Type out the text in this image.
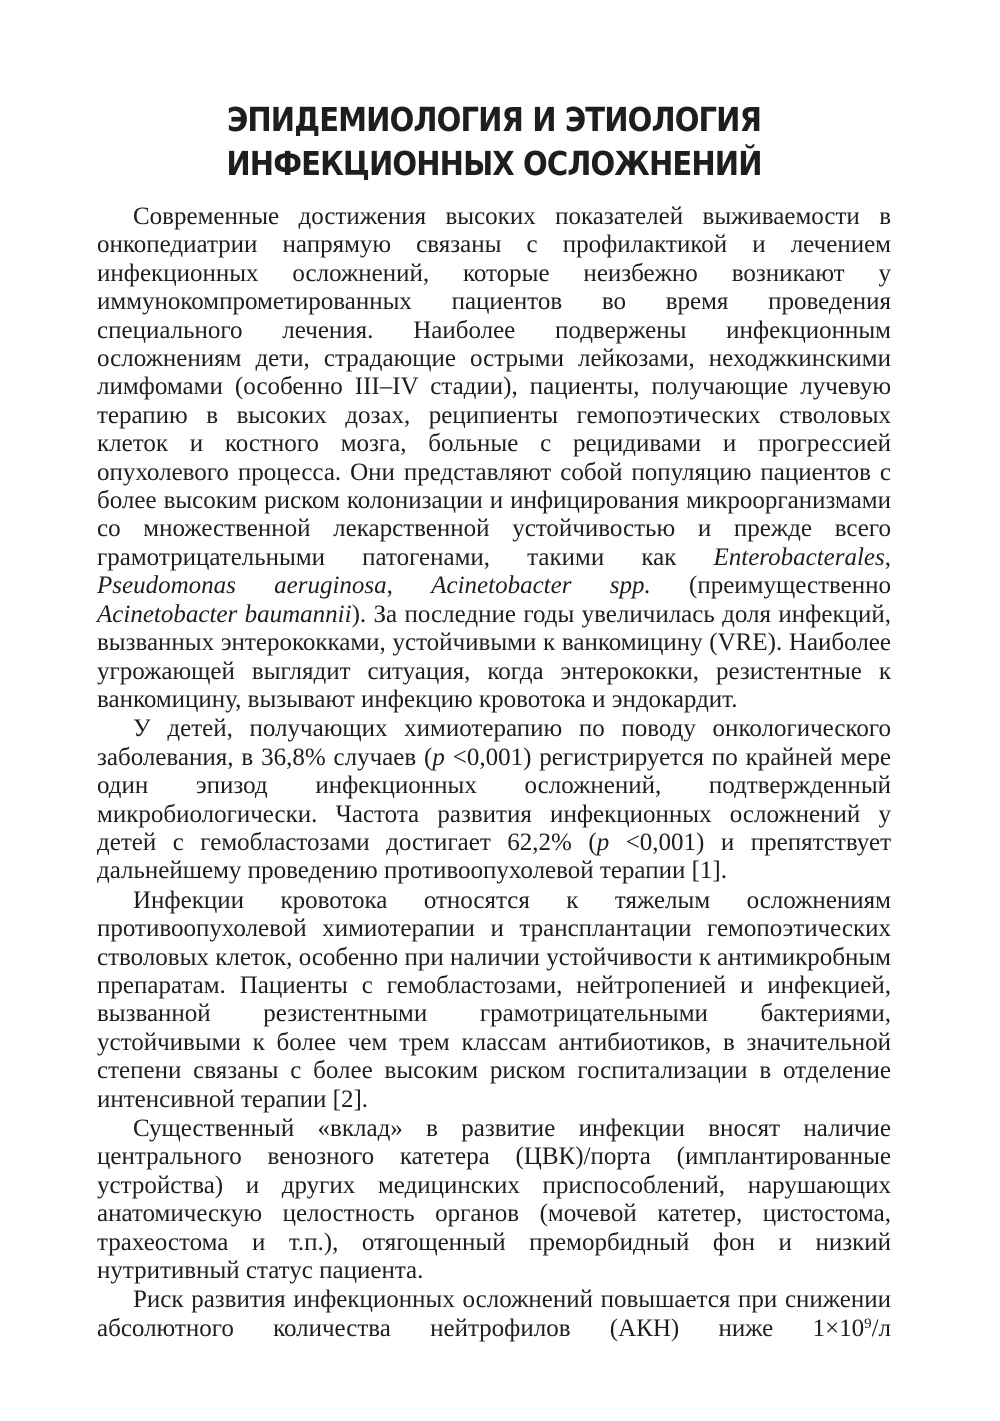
ЭПИДЕМИОЛОГИЯ И ЭТИОЛОГИЯ
ИНФЕКЦИОННЫХ ОСЛОЖНЕНИЙ

Современные достижения высоких показателей выживаемости в онкопедиатрии напрямую связаны с профилактикой и лечением инфекционных осложнений, которые неизбежно возникают у иммунокомпрометированных пациентов во время проведения специального лечения. Наиболее подвержены инфекционным осложнениям дети, страдающие острыми лейкозами, неходжкинскими лимфомами (особенно III–IV стадии), пациенты, получающие лучевую терапию в высоких дозах, реципиенты гемопоэтических стволовых клеток и костного мозга, больные с рецидивами и прогрессией опухолевого процесса. Они представляют собой популяцию пациентов с более высоким риском колонизации и инфицирования микроорганизмами со множественной лекарственной устойчивостью и прежде всего грамотрицательными патогенами, такими как Enterobacterales, Pseudomonas aeruginosa, Acinetobacter spp. (преимущественно Acinetobacter baumannii). За последние годы увеличилась доля инфекций, вызванных энтерококками, устойчивыми к ванкомицину (VRE). Наиболее угрожающей выглядит ситуация, когда энтерококки, резистентные к ванкомицину, вызывают инфекцию кровотока и эндокардит.

У детей, получающих химиотерапию по поводу онкологического заболевания, в 36,8% случаев (p <0,001) регистрируется по крайней мере один эпизод инфекционных осложнений, подтвержденный микробиологически. Частота развития инфекционных осложнений у детей с гемобластозами достигает 62,2% (p <0,001) и препятствует дальнейшему проведению противоопухолевой терапии [1].

Инфекции кровотока относятся к тяжелым осложнениям противоопухолевой химиотерапии и трансплантации гемопоэтических стволовых клеток, особенно при наличии устойчивости к антимикробным препаратам. Пациенты с гемобластозами, нейтропенией и инфекцией, вызванной резистентными грамотрицательными бактериями, устойчивыми к более чем трем классам антибиотиков, в значительной степени связаны с более высоким риском госпитализации в отделение интенсивной терапии [2].

Существенный «вклад» в развитие инфекции вносят наличие центрального венозного катетера (ЦВК)/порта (имплантированные устройства) и других медицинских приспособлений, нарушающих анатомическую целостность органов (мочевой катетер, цистостома, трахеостома и т.п.), отягощенный преморбидный фон и низкий нутритивный статус пациента.

Риск развития инфекционных осложнений повышается при снижении абсолютного количества нейтрофилов (АКН) ниже $1\times 10^9/л$
